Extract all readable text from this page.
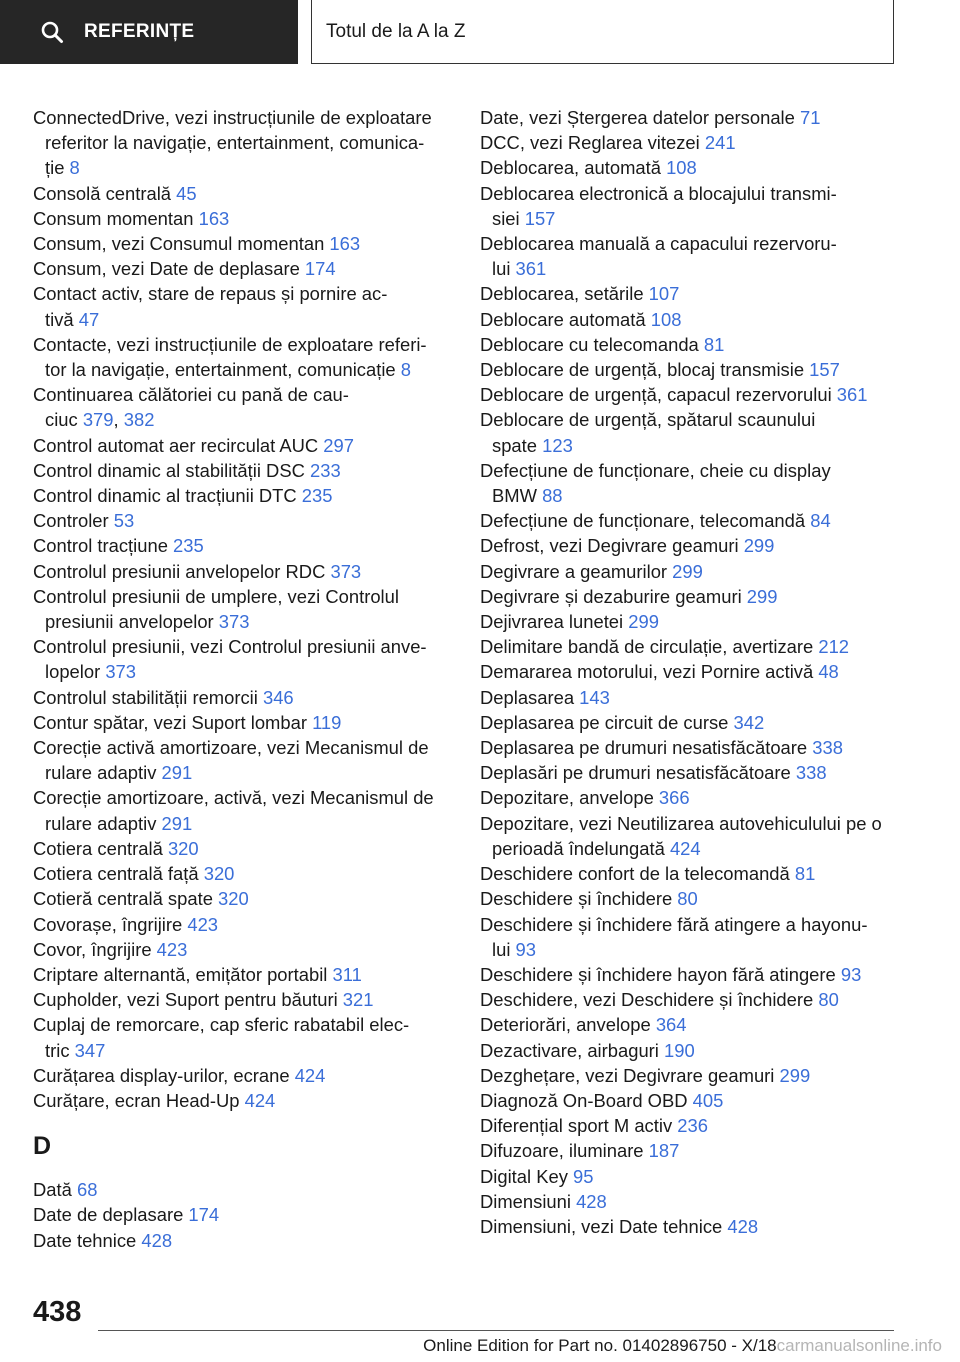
REFERINȚE	Totul de la A la Z
ConnectedDrive, vezi instrucțiunile de exploatare
referitor la navigație, entertainment, comunica-
ție 8
Consolă centrală 45
Consum momentan 163
Consum, vezi Consumul momentan 163
Consum, vezi Date de deplasare 174
Contact activ, stare de repaus și pornire ac-
tivă 47
Contacte, vezi instrucțiunile de exploatare referi-
tor la navigație, entertainment, comunicație 8
Continuarea călătoriei cu pană de cau-
ciuc 379, 382
Control automat aer recirculat AUC 297
Control dinamic al stabilității DSC 233
Control dinamic al tracțiunii DTC 235
Controler 53
Control tracțiune 235
Controlul presiunii anvelopelor RDC 373
Controlul presiunii de umplere, vezi Controlul
presiunii anvelopelor 373
Controlul presiunii, vezi Controlul presiunii anve-
lopelor 373
Controlul stabilității remorcii 346
Contur spătar, vezi Suport lombar 119
Corecție activă amortizoare, vezi Mecanismul de
rulare adaptiv 291
Corecție amortizoare, activă, vezi Mecanismul de
rulare adaptiv 291
Cotiera centrală 320
Cotiera centrală față 320
Cotieră centrală spate 320
Covorașe, îngrijire 423
Covor, îngrijire 423
Criptare alternantă, emițător portabil 311
Cupholder, vezi Suport pentru băuturi 321
Cuplaj de remorcare, cap sferic rabatabil elec-
tric 347
Curățarea display-urilor, ecrane 424
Curățare, ecran Head-Up 424
D
Dată 68
Date de deplasare 174
Date tehnice 428
Date, vezi Ștergerea datelor personale 71
DCC, vezi Reglarea vitezei 241
Deblocarea, automată 108
Deblocarea electronică a blocajului transmi-
siei 157
Deblocarea manuală a capacului rezervoru-
lui 361
Deblocarea, setările 107
Deblocare automată 108
Deblocare cu telecomanda 81
Deblocare de urgență, blocaj transmisie 157
Deblocare de urgență, capacul rezervorului 361
Deblocare de urgență, spătarul scaunului
spate 123
Defecțiune de funcționare, cheie cu display
BMW 88
Defecțiune de funcționare, telecomandă 84
Defrost, vezi Degivrare geamuri 299
Degivrare a geamurilor 299
Degivrare și dezaburire geamuri 299
Dejivrarea lunetei 299
Delimitare bandă de circulație, avertizare 212
Demararea motorului, vezi Pornire activă 48
Deplasarea 143
Deplasarea pe circuit de curse 342
Deplasarea pe drumuri nesatisfăcătoare 338
Deplasări pe drumuri nesatisfăcătoare 338
Depozitare, anvelope 366
Depozitare, vezi Neutilizarea autovehiculului pe o
perioadă îndelungată 424
Deschidere confort de la telecomandă 81
Deschidere și închidere 80
Deschidere și închidere fără atingere a hayonu-
lui 93
Deschidere și închidere hayon fără atingere 93
Deschidere, vezi Deschidere și închidere 80
Deteriorări, anvelope 364
Dezactivare, airbaguri 190
Dezghețare, vezi Degivrare geamuri 299
Diagnoză On-Board OBD 405
Diferențial sport M activ 236
Difuzoare, iluminare 187
Digital Key 95
Dimensiuni 428
Dimensiuni, vezi Date tehnice 428
438
Online Edition for Part no. 01402896750 - X/18carmanualsonline.info
